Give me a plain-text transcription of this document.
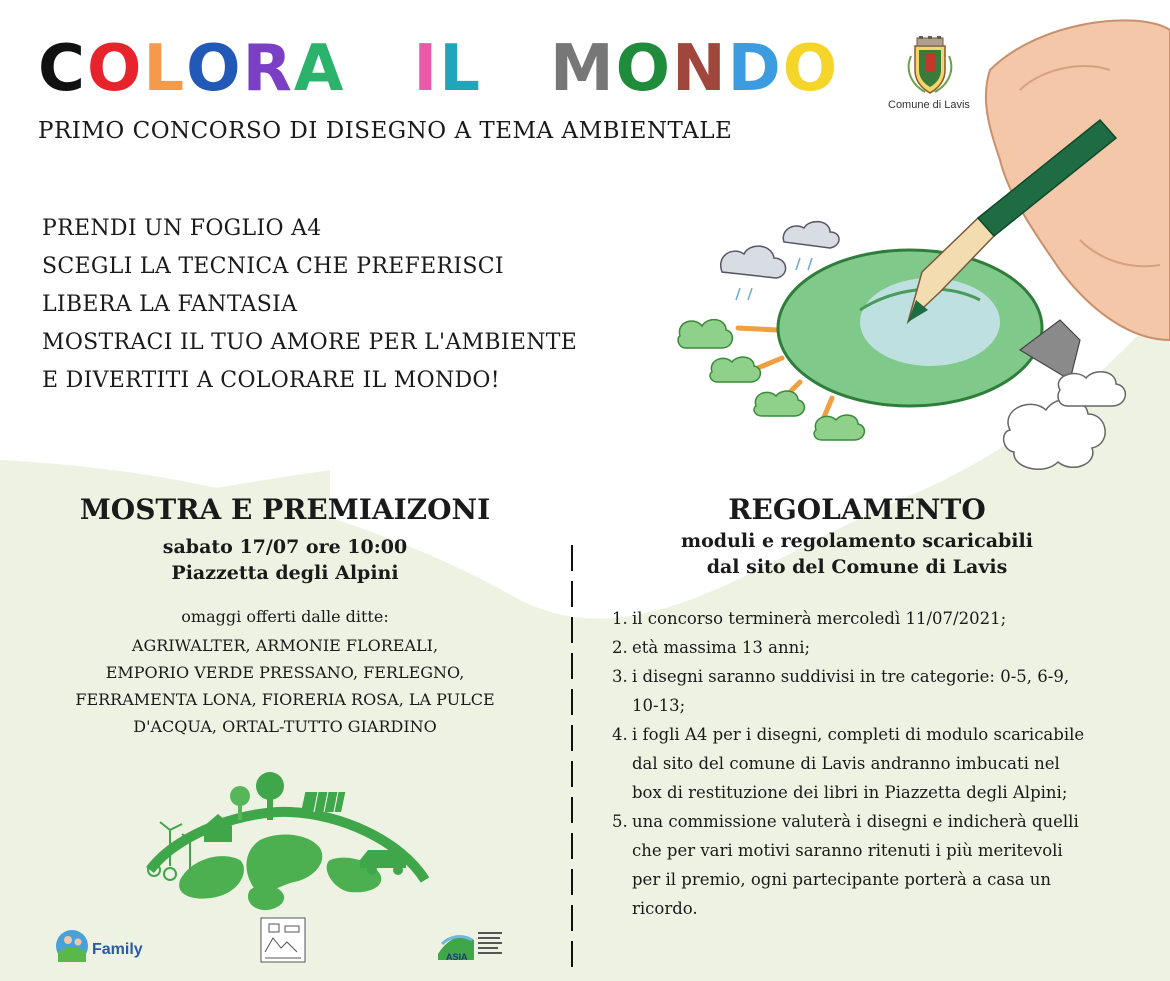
COLORA IL MONDO
PRIMO CONCORSO DI DISEGNO A TEMA AMBIENTALE
Comune di Lavis
PRENDI UN FOGLIO A4
SCEGLI LA TECNICA CHE PREFERISCI
LIBERA LA FANTASIA
MOSTRACI IL TUO AMORE PER L'AMBIENTE
E DIVERTITI A COLORARE IL MONDO!
MOSTRA E PREMIAIZONI
sabato 17/07 ore 10:00
Piazzetta degli Alpini
omaggi offerti dalle ditte:
AGRIWALTER, ARMONIE FLOREALI,
EMPORIO VERDE PRESSANO, FERLEGNO,
FERRAMENTA LONA, FIORERIA ROSA, LA PULCE
D'ACQUA, ORTAL-TUTTO GIARDINO
REGOLAMENTO
moduli e regolamento scaricabili
dal sito del Comune di Lavis
1. il concorso terminerà mercoledì 11/07/2021;
2. età massima 13 anni;
3. i disegni saranno suddivisi in tre categorie: 0-5, 6-9,
10-13;
4. i fogli A4 per i disegni, completi di modulo scaricabile
dal sito del comune di Lavis andranno imbucati nel
box di restituzione dei libri in Piazzetta degli Alpini;
5. una commissione valuterà i disegni e indicherà quelli
che per vari motivi saranno ritenuti i più meritevoli
per il premio, ogni partecipante porterà a casa un
ricordo.
Family	ASIA
